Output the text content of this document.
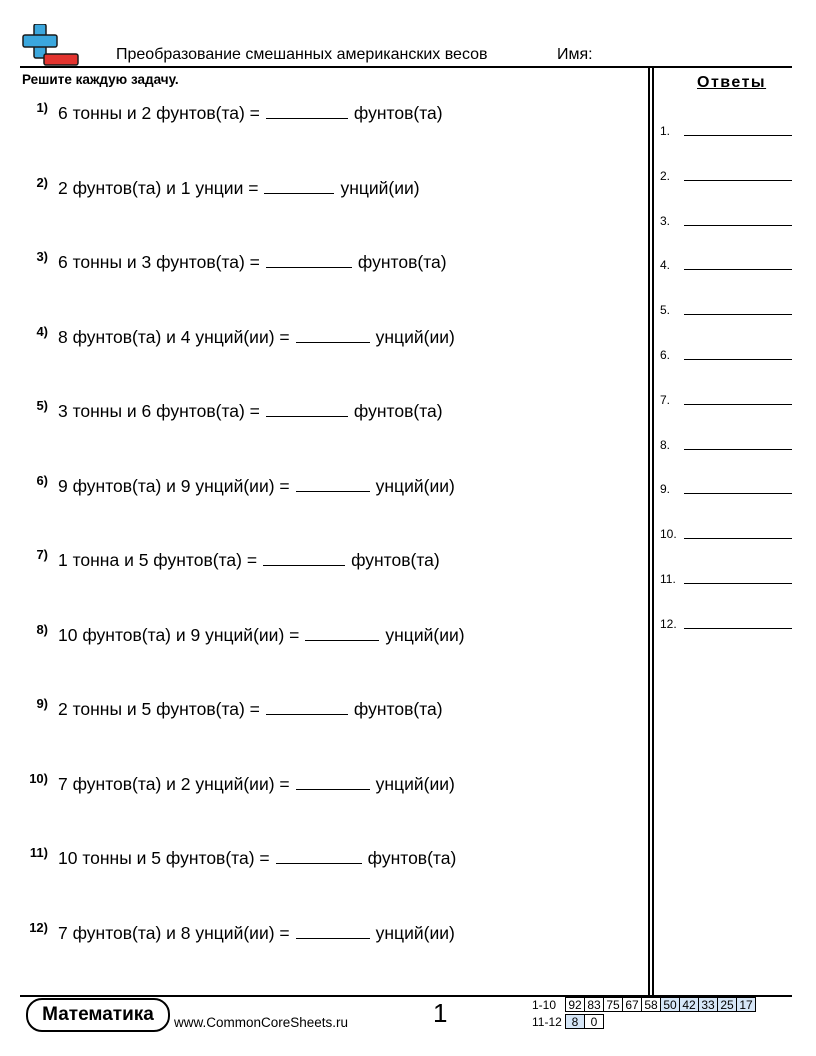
Преобразование смешанных американских весов	Имя:
Решите каждую задачу.	Ответы
1) 6 тонны и 2 фунтов(та) =	фунтов(та)
2) 2 фунтов(та) и 1 унции =	унций(ии)
3) 6 тонны и 3 фунтов(та) =	фунтов(та)
4) 8 фунтов(та) и 4 унций(ии) =	унций(ии)
5) 3 тонны и 6 фунтов(та) =	фунтов(та)
6) 9 фунтов(та) и 9 унций(ии) =	унций(ии)
7) 1 тонна и 5 фунтов(та) =	фунтов(та)
8) 10 фунтов(та) и 9 унций(ии) =	унций(ии)
9) 2 тонны и 5 фунтов(та) =	фунтов(та)
10) 7 фунтов(та) и 2 унций(ии) =	унций(ии)
11) 10 тонны и 5 фунтов(та) =	фунтов(та)
12) 7 фунтов(та) и 8 унций(ии) =	унций(ии)
1.
2.
3.
4.
5.
6.
7.
8.
9.
10.
11.
12.
Математика	www.CommonCoreSheets.ru	1	1-10 92 83 75 67 58 50 42 33 25 17
11-12 8	0
